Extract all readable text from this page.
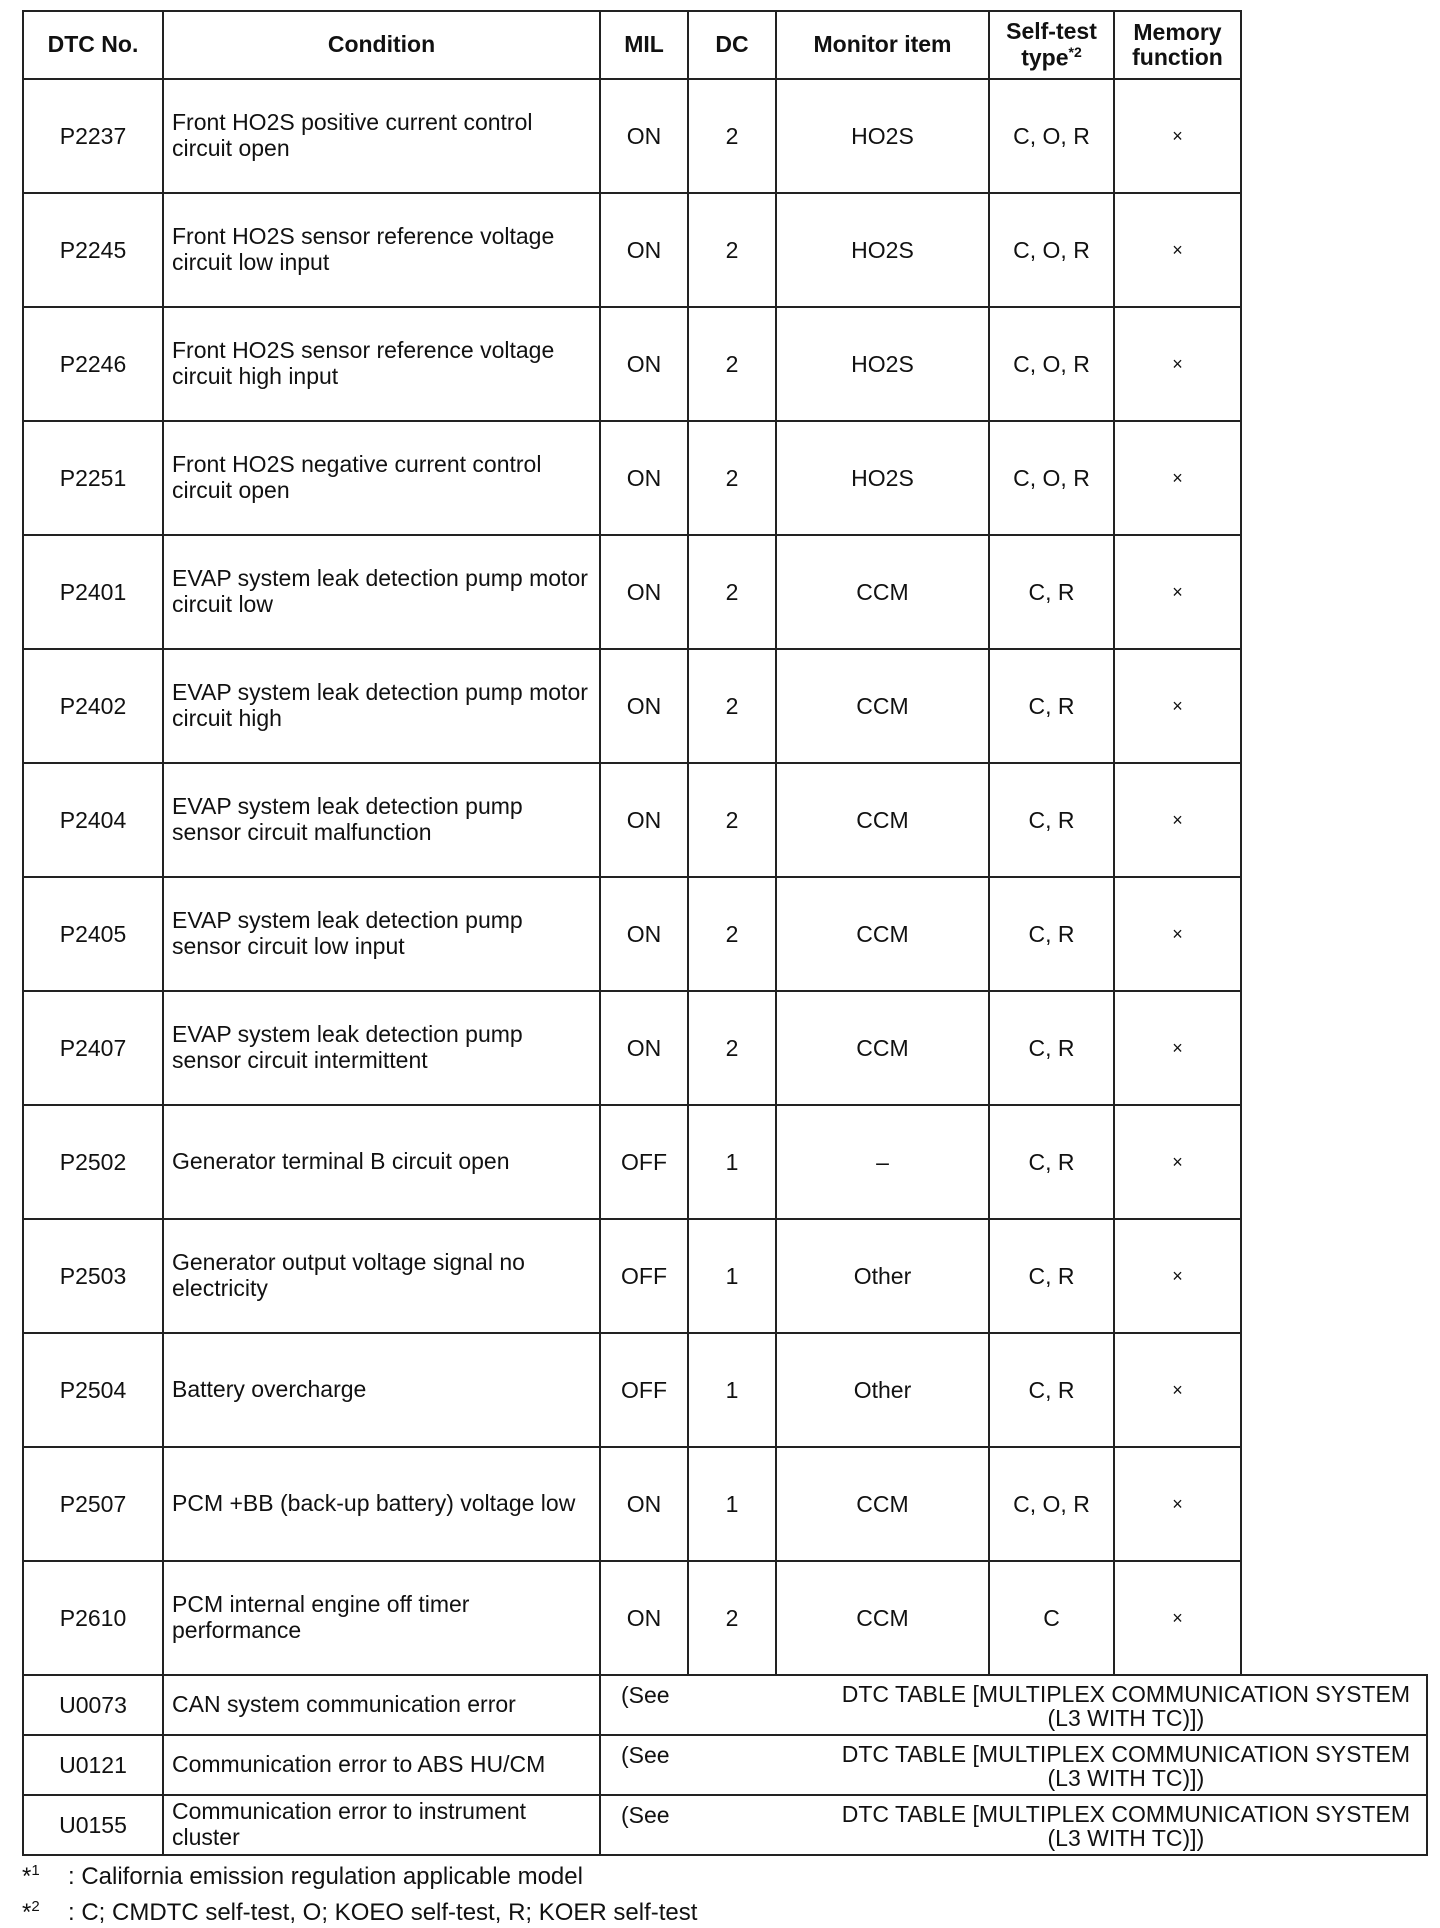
DTC No.	Condition	MIL	DC	Monitor item	Self-test type$^{*2}$	Memory function	
P2237	Front HO2S positive current control circuit open	ON	2	HO2S	C, O, R	×	
P2245	Front HO2S sensor reference voltage circuit low input	ON	2	HO2S	C, O, R	×	
P2246	Front HO2S sensor reference voltage circuit high input	ON	2	HO2S	C, O, R	×	
P2251	Front HO2S negative current control circuit open	ON	2	HO2S	C, O, R	×	
P2401	EVAP system leak detection pump motor circuit low	ON	2	CCM	C, R	×	
P2402	EVAP system leak detection pump motor circuit high	ON	2	CCM	C, R	×	
P2404	EVAP system leak detection pump sensor circuit malfunction	ON	2	CCM	C, R	×	
P2405	EVAP system leak detection pump sensor circuit low input	ON	2	CCM	C, R	×	
P2407	EVAP system leak detection pump sensor circuit intermittent	ON	2	CCM	C, R	×	
P2502	Generator terminal B circuit open	OFF	1	–	C, R	×	
P2503	Generator output voltage signal no electricity	OFF	1	Other	C, R	×	
P2504	Battery overcharge	OFF	1	Other	C, R	×	
P2507	PCM +BB (back-up battery) voltage low	ON	1	CCM	C, O, R	×	
P2610	PCM internal engine off timer performance	ON	2	CCM	C	×	
U0073	CAN system communication error	(See DTC TABLE [MULTIPLEX COMMUNICATION SYSTEM
(L3 WITH TC)])					

U0121	Communication error to ABS HU/CM	(See DTC TABLE [MULTIPLEX COMMUNICATION SYSTEM
(L3 WITH TC)])					

U0155	Communication error to instrument cluster	(See DTC TABLE [MULTIPLEX COMMUNICATION SYSTEM
(L3 WITH TC)])					
*$^1$ : California emission regulation applicable model
*$^2$ : C; CMDTC self-test, O; KOEO self-test, R; KOER self-test
